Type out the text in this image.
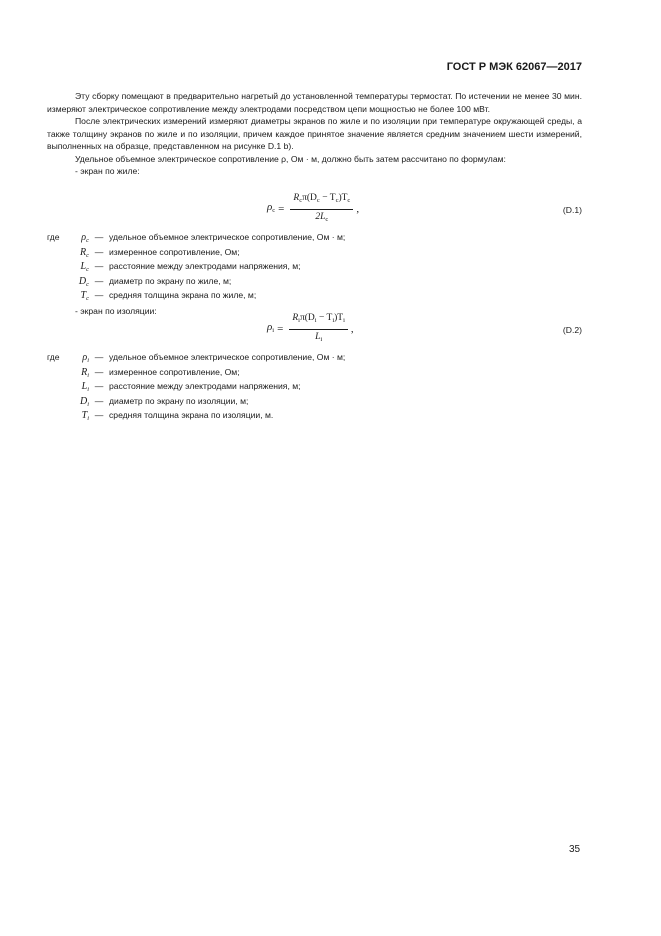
ГОСТ Р МЭК 62067—2017

Эту сборку помещают в предварительно нагретый до установленной температуры термостат. По истечении не менее 30 мин. измеряют электрическое сопротивление между электродами посредством цепи мощностью не более 100 мВт.

После электрических измерений измеряют диаметры экранов по жиле и по изоляции при температуре окружающей среды, а также толщину экранов по жиле и по изоляции, причем каждое принятое значение является средним значением шести измерений, выполненных на образце, представленном на рисунке D.1 b).

Удельное объемное электрическое сопротивление ρ, Ом · м, должно быть затем рассчитано по формулам:

- экран по жиле:

$\rho_c = \frac{R_c\pi(D_c - T_c)T_c}{2L_c}$ ,	(D.1)
где	$\rho_c$ — удельное объемное электрическое сопротивление, Ом · м;
$R_c$ — измеренное сопротивление, Ом;
$L_c$ — расстояние между электродами напряжения, м;
$D_c$ — диаметр по экрану по жиле, м;
$T_c$ — средняя толщина экрана по жиле, м;

- экран по изоляции:

$\rho_i = \frac{R_i\pi(D_i - T_i)T_i}{L_i}$ ,	(D.2)
где	$\rho_i$ — удельное объемное электрическое сопротивление, Ом · м;
$R_i$ — измеренное сопротивление, Ом;
$L_i$ — расстояние между электродами напряжения, м;
$D_i$ — диаметр по экрану по изоляции, м;
$T_i$ — средняя толщина экрана по изоляции, м.
35
